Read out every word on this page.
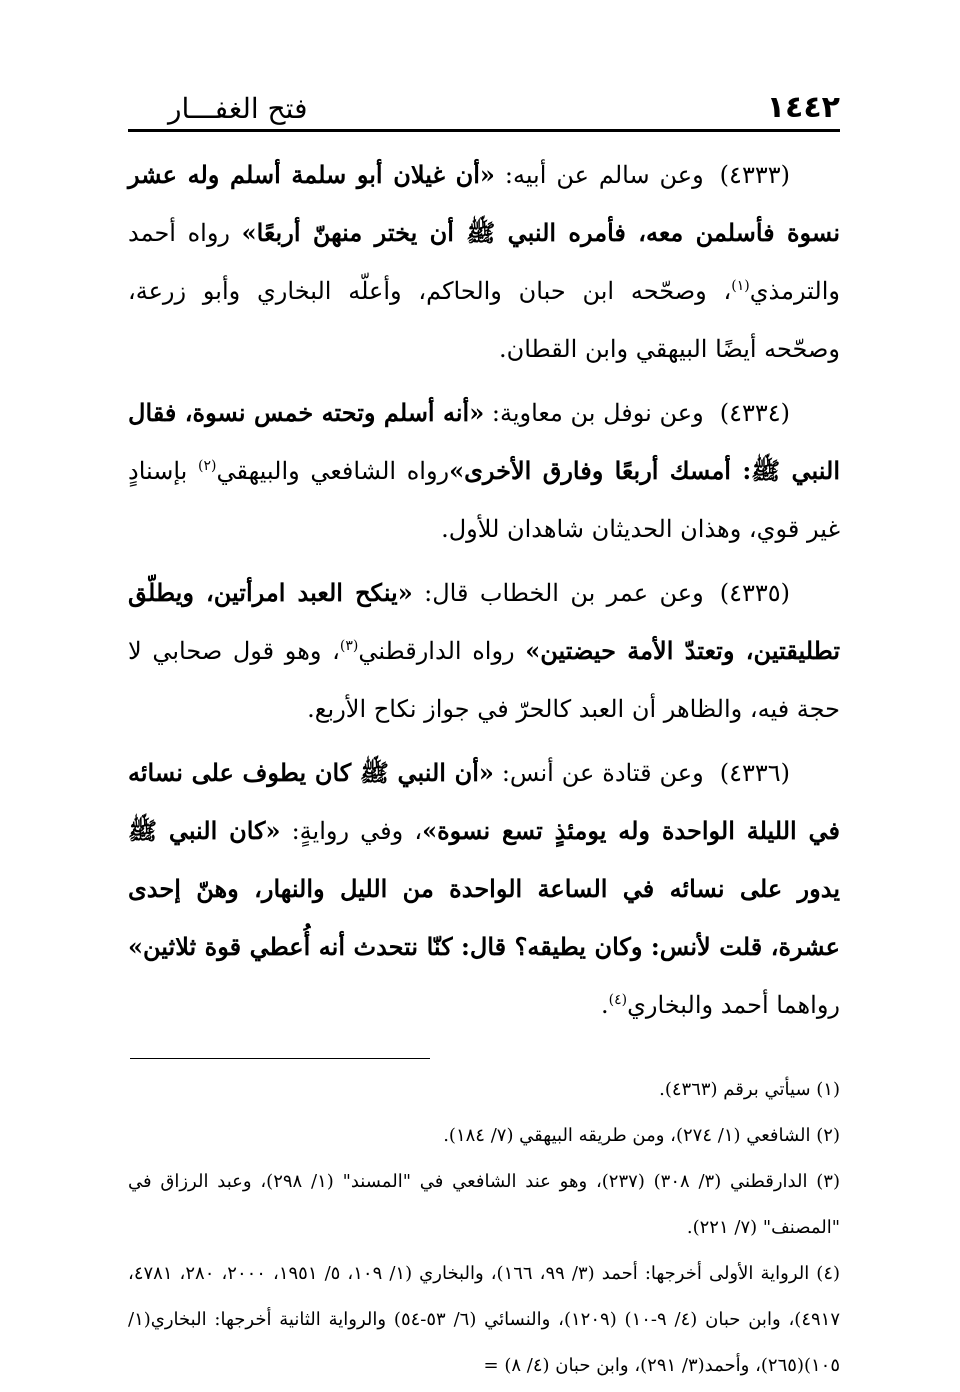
١٤٤٢
فتح الغفـــار

(٤٣٣٣)وعن سالم عن أبيه: «أن غيلان أبو سلمة أسلم وله عشر نسوة فأسلمن معه، فأمره النبي ﷺ أن يختر منهنّ أربعًا» رواه أحمد والترمذي$^{(١)}$، وصحّحه ابن حبان والحاكم، وأعلّه البخاري وأبو زرعة، وصحّحه أيضًا البيهقي وابن القطان.

(٤٣٣٤)وعن نوفل بن معاوية: «أنه أسلم وتحته خمس نسوة، فقال النبي ﷺ: أمسك أربعًا وفارق الأخرى»رواه الشافعي والبيهقي$^{(٢)}$ بإسنادٍ غير قوي، وهذان الحديثان شاهدان للأول.

(٤٣٣٥)وعن عمر بن الخطاب قال: «ينكح العبد امرأتين، ويطلّق تطليقتين، وتعتدّ الأمة حيضتين» رواه الدارقطني$^{(٣)}$، وهو قول صحابي لا حجة فيه، والظاهر أن العبد كالحرّ في جواز نكاح الأربع.

(٤٣٣٦)وعن قتادة عن أنس: «أن النبي ﷺ كان يطوف على نسائه في الليلة الواحدة وله يومئذٍ تسع نسوة»، وفي روايةٍ: «كان النبي ﷺ يدور على نسائه في الساعة الواحدة من الليل والنهار، وهنّ إحدى عشرة، قلت لأنس: وكان يطيقه؟ قال: كنّا نتحدث أنه أُعطي قوة ثلاثين» رواهما أحمد والبخاري$^{(٤)}$.

(١) سيأتي برقم (٤٣٦٣).

(٢) الشافعي (١/ ٢٧٤)، ومن طريقه البيهقي (٧/ ١٨٤).

(٣) الدارقطني (٣/ ٣٠٨) (٢٣٧)، وهو عند الشافعي في "المسند" (١/ ٢٩٨)، وعبد الرزاق في "المصنف" (٧/ ٢٢١).

(٤) الرواية الأولى أخرجها: أحمد (٣/ ٩٩، ١٦٦)، والبخاري (١/ ١٠٩، ٥/ ١٩٥١، ٢٠٠٠، ٢٨٠، ٤٧٨١، ٤٩١٧)، وابن حبان (٤/ ٩-١٠) (١٢٠٩)، والنسائي (٦/ ٥٣-٥٤) والرواية الثانية أخرجها: البخاري(١/ ١٠٥)(٢٦٥)، وأحمد(٣/ ٢٩١)، وابن حبان (٤/ ٨) =
